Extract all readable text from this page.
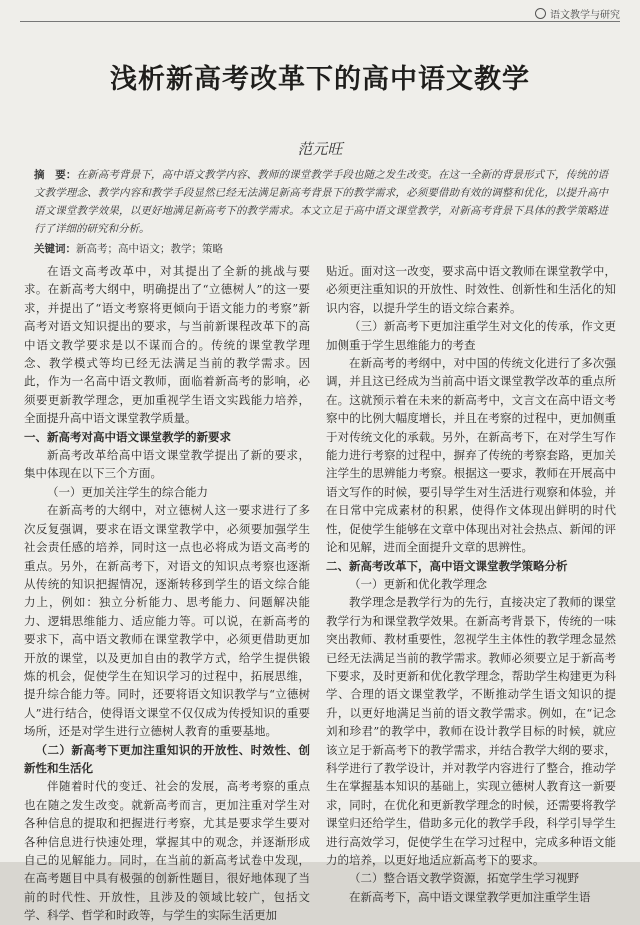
语文教学与研究
浅析新高考改革下的高中语文教学
范元旺
摘　要：在新高考背景下，高中语文教学内容、教师的课堂教学手段也随之发生改变。在这一全新的背景形式下，传统的语文教学理念、教学内容和教学手段显然已经无法满足新高考背景下的教学需求，必须要借助有效的调整和优化，以提升高中语文课堂教学效果，以更好地满足新高考下的教学需求。本文立足于高中语文课堂教学，对新高考背景下具体的教学策略进行了详细的研究和分析。
关键词：新高考；高中语文；教学；策略

在语文高考改革中，对其提出了全新的挑战与要求。在新高考大纲中，明确提出了“立德树人”的这一要求，并提出了“语文考察将更倾向于语文能力的考察”新高考对语文知识提出的要求，与当前新课程改革下的高中语文教学要求是以不谋而合的。传统的课堂教学理念、教学模式等均已经无法满足当前的教学需求。因此，作为一名高中语文教师，面临着新高考的影响，必须要更新教学理念，更加重视学生语文实践能力培养，全面提升高中语文课堂教学质量。

一、新高考对高中语文课堂教学的新要求

新高考改革给高中语文课堂教学提出了新的要求，集中体现在以下三个方面。

（一）更加关注学生的综合能力

在新高考的大纲中，对立德树人这一要求进行了多次反复强调，要求在语文课堂教学中，必须要加强学生社会责任感的培养，同时这一点也必将成为语文高考的重点。另外，在新高考下，对语文的知识点考察也逐渐从传统的知识把握情况，逐渐转移到学生的语文综合能力上，例如：独立分析能力、思考能力、问题解决能力、逻辑思维能力、适应能力等。可以说，在新高考的要求下，高中语文教师在课堂教学中，必须更借助更加开放的课堂，以及更加自由的教学方式，给学生提供锻炼的机会，促使学生在知识学习的过程中，拓展思维，提升综合能力等。同时，还要将语文知识教学与“立德树人”进行结合，使得语文课堂不仅仅成为传授知识的重要场所，还是对学生进行立德树人教育的重要基地。

（二）新高考下更加注重知识的开放性、时效性、创新性和生活化

伴随着时代的变迁、社会的发展，高考考察的重点也在随之发生改变。就新高考而言，更加注重对学生对各种信息的提取和把握进行考察，尤其是要求学生要对各种信息进行快速处理，掌握其中的观念，并逐渐形成自己的见解能力。同时，在当前的新高考试卷中发现，在高考题目中具有极强的创新性题目，很好地体现了当前的时代性、开放性，且涉及的领域比较广，包括文学、科学、哲学和时政等，与学生的实际生活更加

贴近。面对这一改变，要求高中语文教师在课堂教学中，必须更注重知识的开放性、时效性、创新性和生活化的知识内容，以提升学生的语文综合素养。

（三）新高考下更加注重学生对文化的传承，作文更加侧重于学生思维能力的考查

在新高考的考纲中，对中国的传统文化进行了多次强调，并且这已经成为当前高中语文课堂教学改革的重点所在。这就预示着在未来的新高考中，文言文在高中语文考察中的比例大幅度增长，并且在考察的过程中，更加侧重于对传统文化的承载。另外，在新高考下，在对学生写作能力进行考察的过程中，摒弃了传统的考察套路，更加关注学生的思辨能力考察。根据这一要求，教师在开展高中语文写作的时候，要引导学生对生活进行观察和体验，并在日常中完成素材的积累，使得作文体现出鲜明的时代性，促使学生能够在文章中体现出对社会热点、新闻的评论和见解，进而全面提升文章的思辨性。

二、新高考改革下，高中语文课堂教学策略分析
（一）更新和优化教学理念

教学理念是教学行为的先行，直接决定了教师的课堂教学行为和课堂教学效果。在新高考背景下，传统的一味突出教师、教材重要性，忽视学生主体性的教学理念显然已经无法满足当前的教学需求。教师必须要立足于新高考下要求，及时更新和优化教学理念，帮助学生构建更为科学、合理的语文课堂教学，不断推动学生语文知识的提升，以更好地满足当前的语文教学需求。例如，在“记念刘和珍君”的教学中，教师在设计教学目标的时候，就应该立足于新高考下的教学需求，并结合教学大纲的要求，科学进行了教学设计，并对教学内容进行了整合，推动学生在掌握基本知识的基础上，实现立德树人教育这一新要求，同时，在优化和更新教学理念的时候，还需要将教学课堂归还给学生，借助多元化的教学手段，科学引导学生进行高效学习，促使学生在学习过程中，完成多种语文能力的培养，以更好地适应新高考下的要求。

（二）整合语文教学资源，拓宽学生学习视野

在新高考下，高中语文课堂教学更加注重学生语
